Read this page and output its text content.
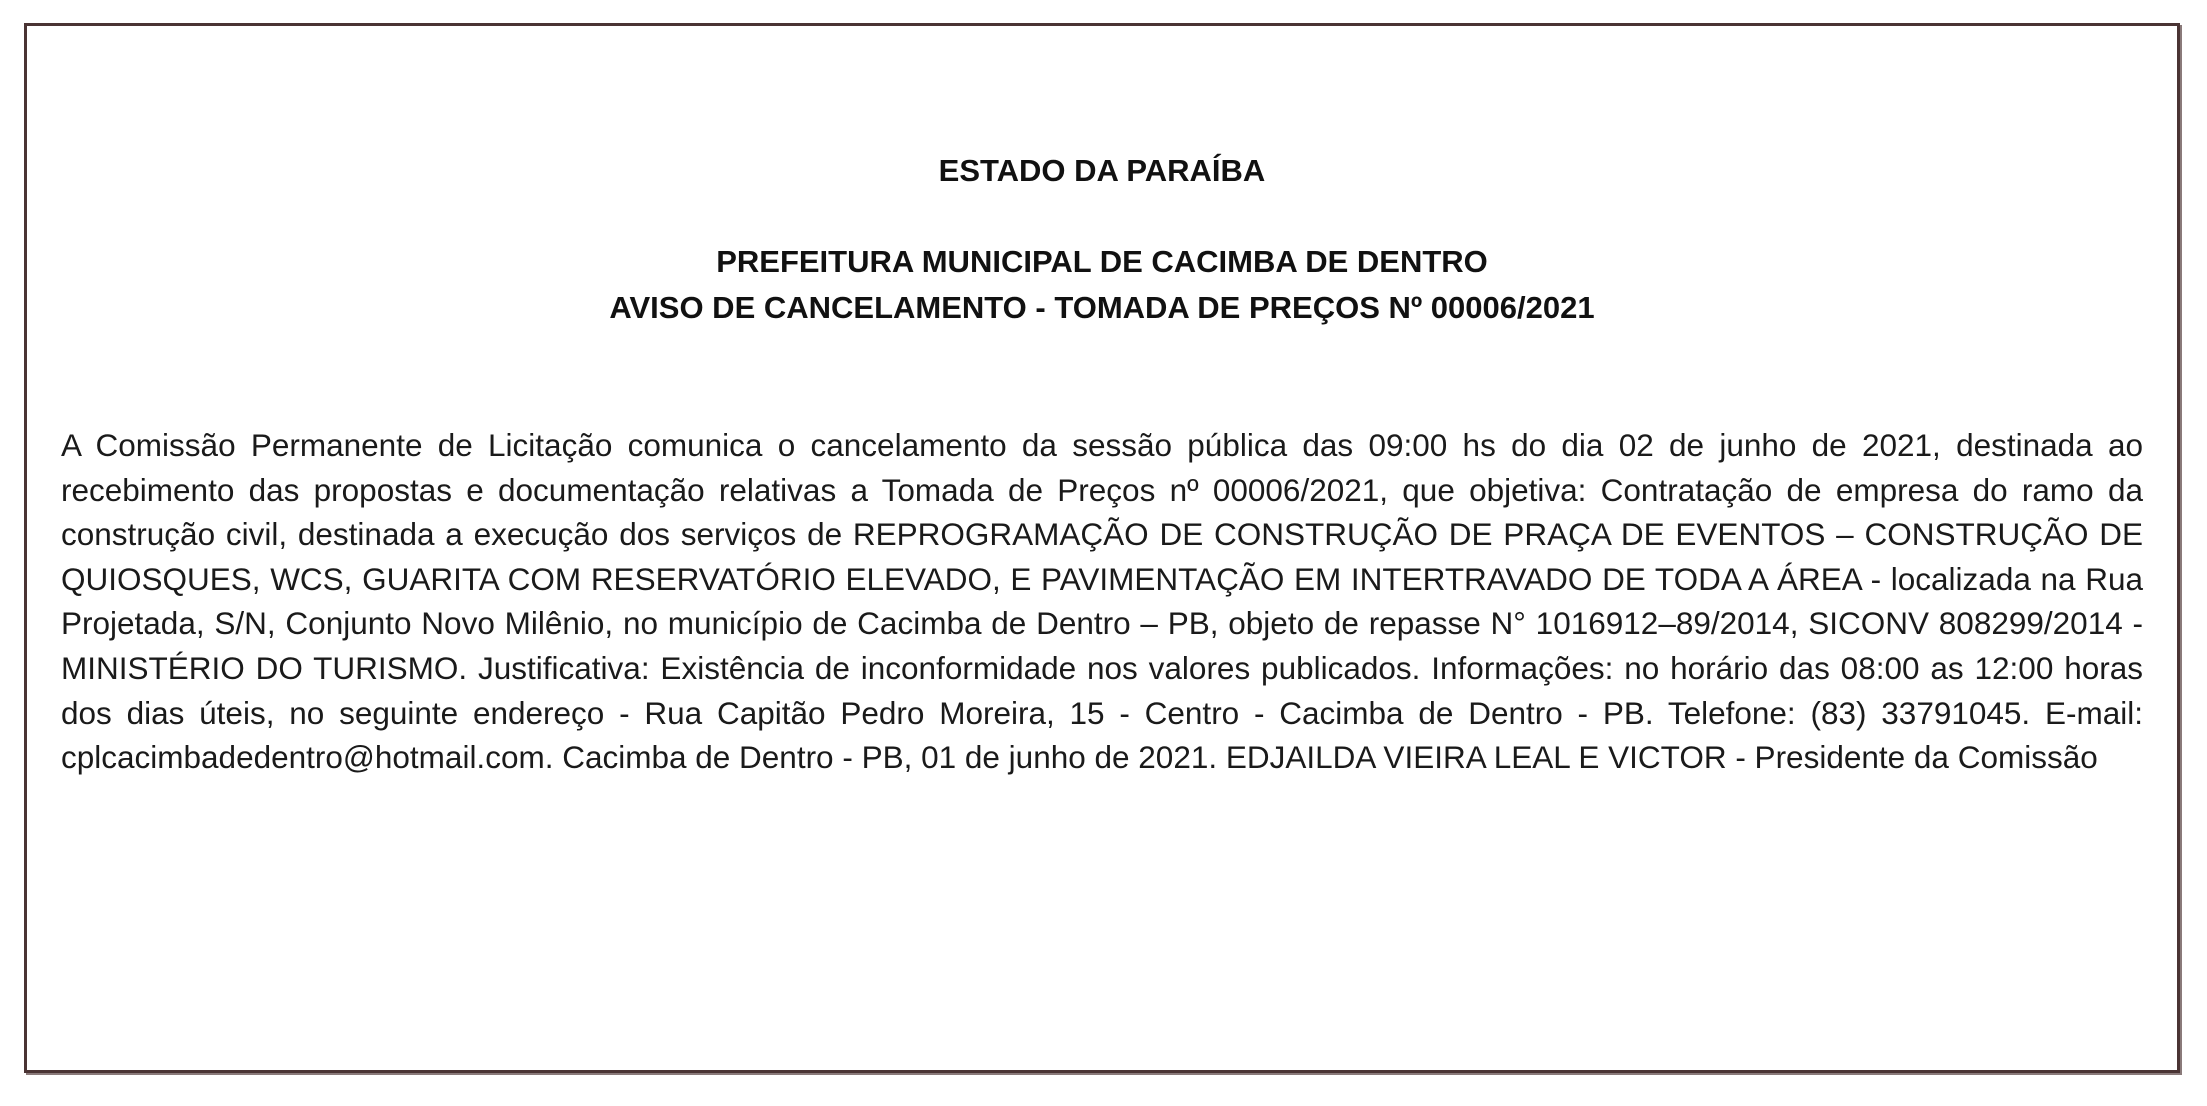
ESTADO DA PARAÍBA
PREFEITURA MUNICIPAL DE CACIMBA DE DENTRO
AVISO DE CANCELAMENTO - TOMADA DE PREÇOS Nº 00006/2021

A Comissão Permanente de Licitação comunica o cancelamento da sessão pública das 09:00 hs do dia 02 de junho de 2021, destinada ao recebimento das propostas e documentação relativas a Tomada de Preços nº 00006/2021, que objetiva: Contratação de empresa do ramo da construção civil, destinada a execução dos serviços de REPROGRAMAÇÃO DE CONSTRUÇÃO DE PRAÇA DE EVENTOS – CONSTRUÇÃO DE QUIOSQUES, WCS, GUARITA COM RESERVATÓRIO ELEVADO, E PAVIMENTAÇÃO EM INTERTRAVADO DE TODA A ÁREA - localizada na Rua Projetada, S/N, Conjunto Novo Milênio, no município de Cacimba de Dentro – PB, objeto de repasse N° 1016912–89/2014, SICONV 808299/2014 - MINISTÉRIO DO TURISMO. Justificativa: Existência de inconformidade nos valores publicados. Informações: no horário das 08:00 as 12:00 horas dos dias úteis, no seguinte endereço - Rua Capitão Pedro Moreira, 15 - Centro - Cacimba de Dentro - PB. Telefone: (83) 33791045. E-mail: cplcacimbadedentro@hotmail.com. Cacimba de Dentro - PB, 01 de junho de 2021. EDJAILDA VIEIRA LEAL E VICTOR - Presidente da Comissão
